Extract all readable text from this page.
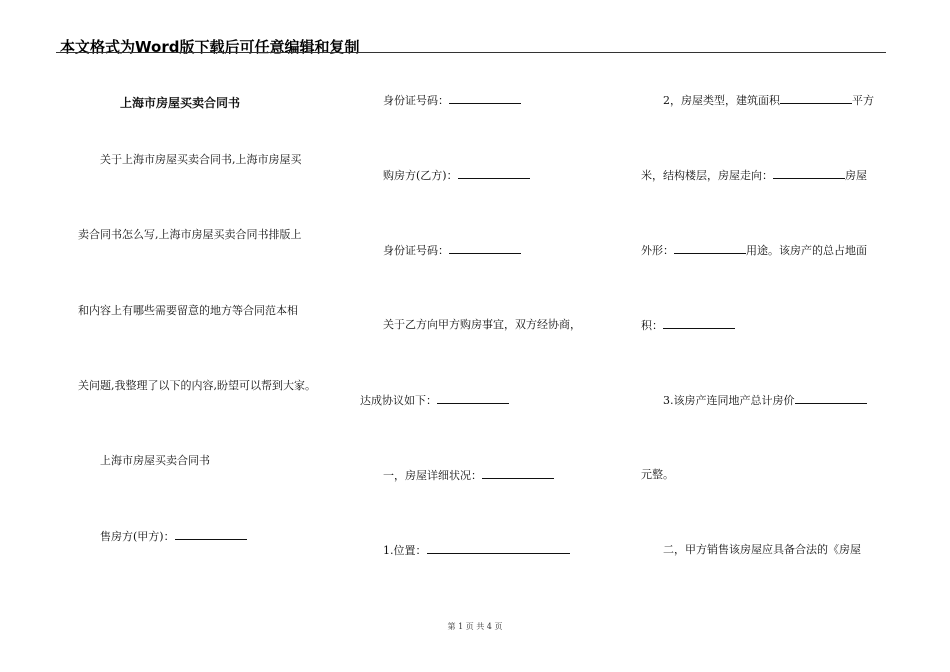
本文格式为Word版下载后可任意编辑和复制
上海市房屋买卖合同书
关于上海市房屋买卖合同书,上海市房屋买
卖合同书怎么写,上海市房屋买卖合同书排版上
和内容上有哪些需要留意的地方等合同范本相
关问题,我整理了以下的内容,盼望可以帮到大家。
上海市房屋买卖合同书
售房方(甲方)：
身份证号码：
购房方(乙方)：
身份证号码：
关于乙方向甲方购房事宜，双方经协商，
达成协议如下：
一，房屋详细状况：
1.位置：
2，房屋类型，建筑面积	平方
米，结构楼层，房屋走向：	房屋
外形：	用途。该房产的总占地面
积：
3.该房产连同地产总计房价
元整。
二，甲方销售该房屋应具备合法的《房屋
第 1 页 共 4 页
